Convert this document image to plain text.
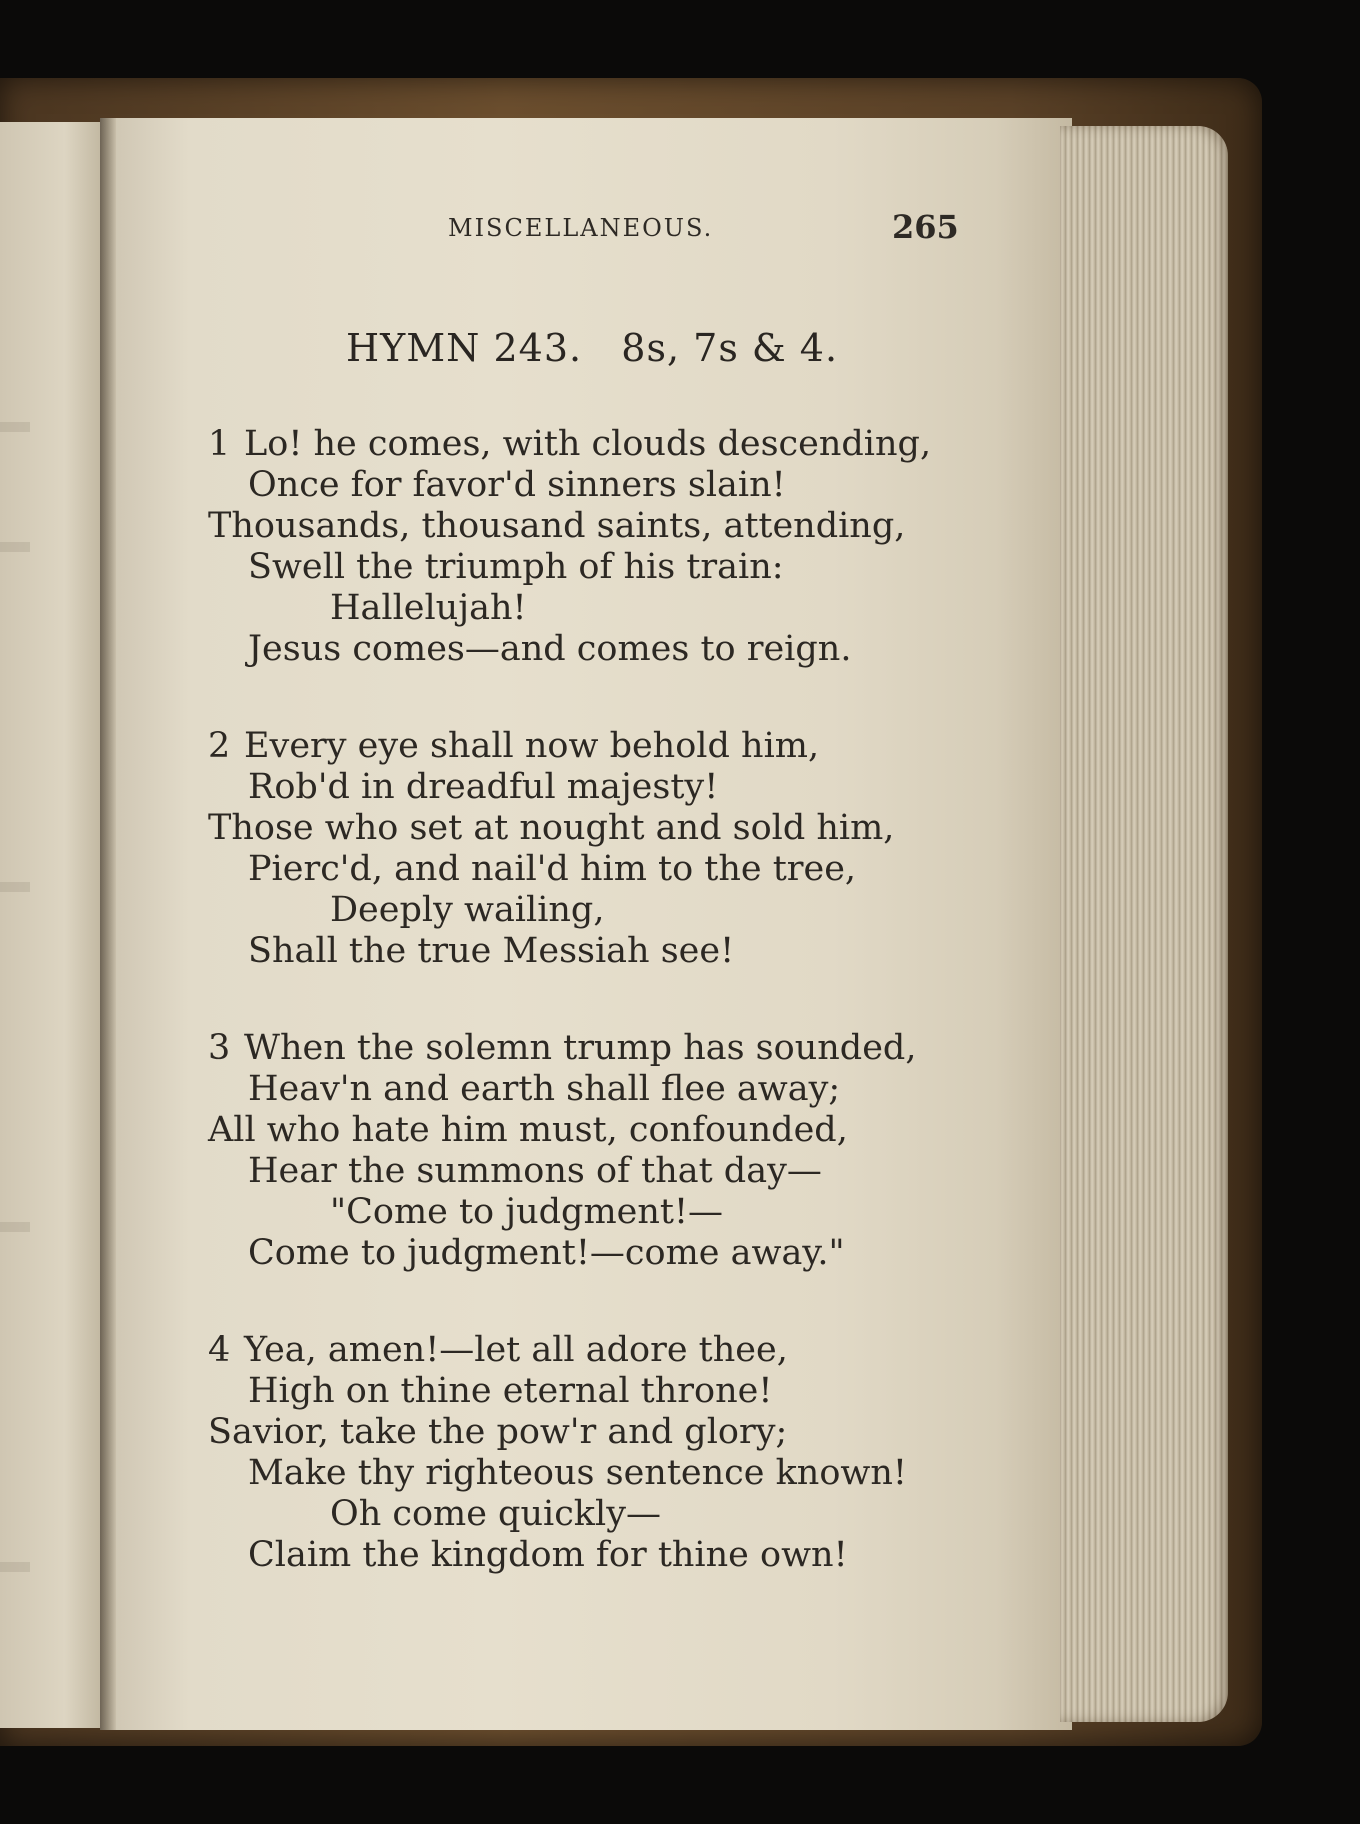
MISCELLANEOUS.	265
HYMN 243.   8s, 7s & 4.
1 Lo! he comes, with clouds descending,
Once for favor'd sinners slain!
Thousands, thousand saints, attending,
Swell the triumph of his train:
Hallelujah!
Jesus comes—and comes to reign.
2 Every eye shall now behold him,
Rob'd in dreadful majesty!
Those who set at nought and sold him,
Pierc'd, and nail'd him to the tree,
Deeply wailing,
Shall the true Messiah see!
3 When the solemn trump has sounded,
Heav'n and earth shall flee away;
All who hate him must, confounded,
Hear the summons of that day—
"Come to judgment!—
Come to judgment!—come away."
4 Yea, amen!—let all adore thee,
High on thine eternal throne!
Savior, take the pow'r and glory;
Make thy righteous sentence known!
Oh come quickly—
Claim the kingdom for thine own!
